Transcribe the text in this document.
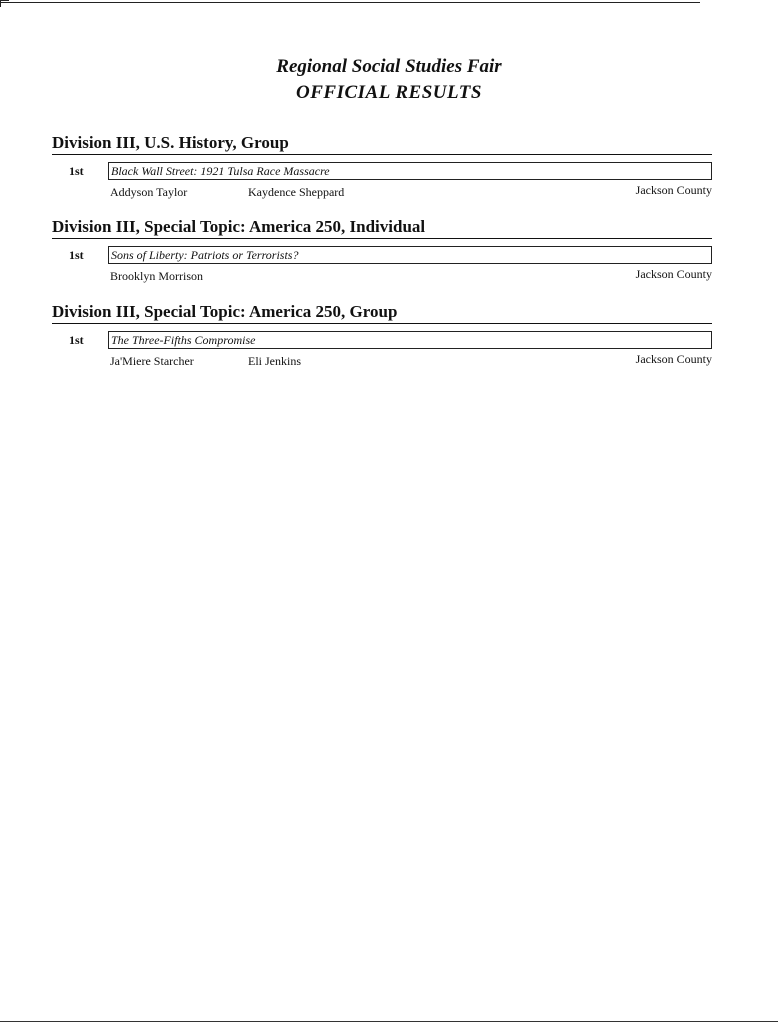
Regional Social Studies Fair
OFFICIAL RESULTS
Division III, U.S. History, Group
1st Black Wall Street: 1921 Tulsa Race Massacre
Addyson Taylor	Kaydence Sheppard	Jackson County
Division III, Special Topic: America 250, Individual
1st Sons of Liberty: Patriots or Terrorists?
Brooklyn Morrison	Jackson County
Division III, Special Topic: America 250, Group
1st The Three-Fifths Compromise
Ja'Miere Starcher	Eli Jenkins	Jackson County
